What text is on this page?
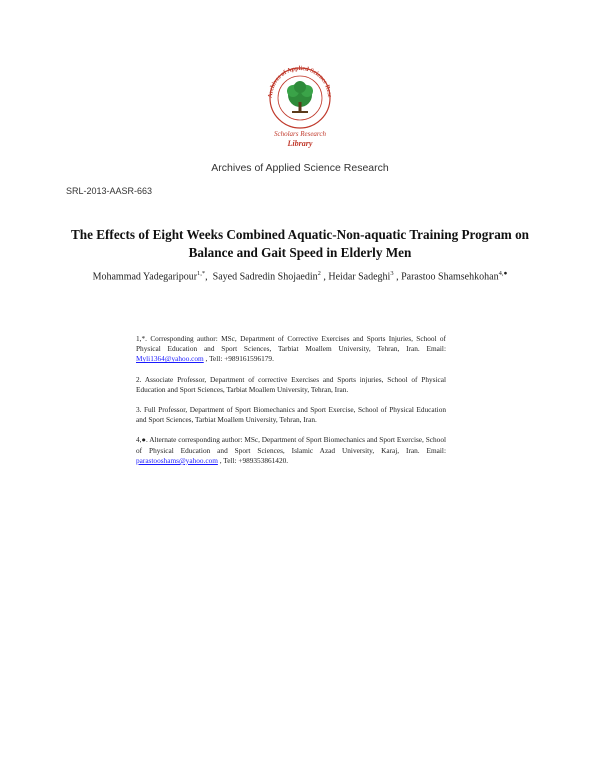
Archives of Applied Science Rese
Scholars Research
Library
Archives of Applied Science Research
SRL-2013-AASR-663
The Effects of Eight Weeks Combined Aquatic-Non-aquatic Training Program on
Balance and Gait Speed in Elderly Men
Mohammad Yadegaripour$^{1,*}$,  Sayed Sadredin Shojaedin$^2$ , Heidar Sadeghi$^3$ , Parastoo Shamsehkohan$^{4,●}$

1,*. Corresponding author: MSc, Department of Corrective Exercises and Sports Injuries, School of Physical Education and Sport Sciences, Tarbiat Moallem University, Tehran, Iran. Email: Myli1364@yahoo.com , Tell: +989161596179.

2. Associate Professor, Department of corrective Exercises and Sports injuries, School of Physical Education and Sport Sciences, Tarbiat Moallem University, Tehran, Iran.

3. Full Professor, Department of Sport Biomechanics and Sport Exercise, School of Physical Education and Sport Sciences, Tarbiat Moallem University, Tehran, Iran.

4,●. Alternate corresponding author: MSc, Department of Sport Biomechanics and Sport Exercise, School of Physical Education and Sport Sciences, Islamic Azad University, Karaj, Iran. Email: parastooshams@yahoo.com , Tell: +989353861420.
